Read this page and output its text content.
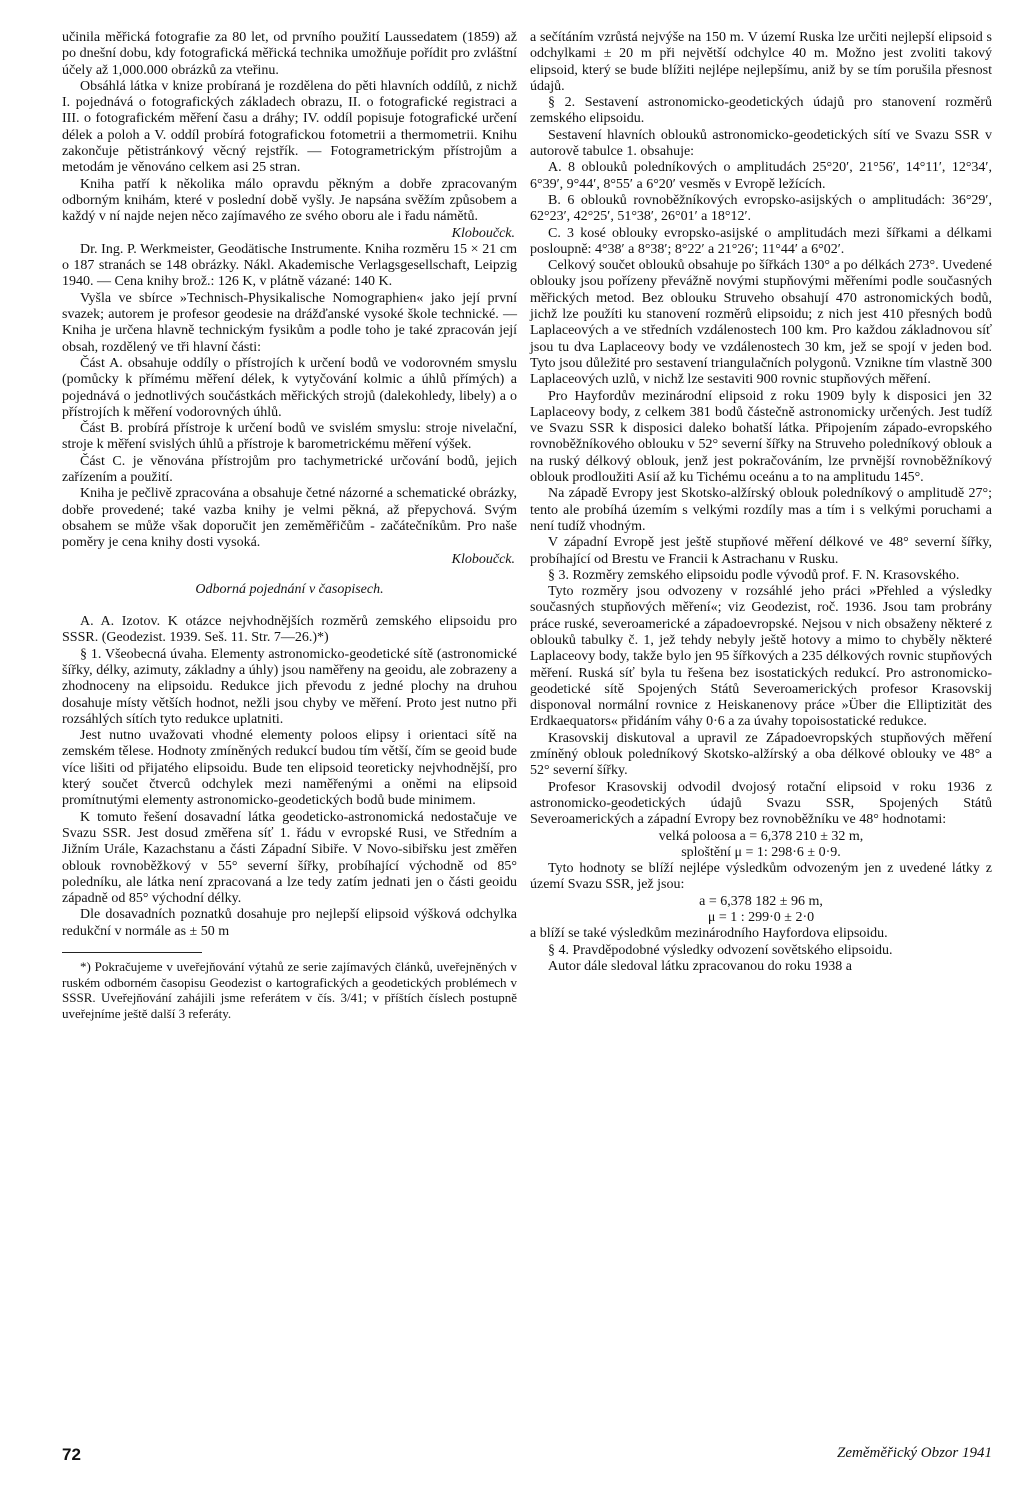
učinila měřická fotografie za 80 let, od prvního použití Laussedatem (1859) až po dnešní dobu, kdy fotografická měřická technika umožňuje pořídit pro zvláštní účely až 1,000.000 obrázků za vteřinu.

Obsáhlá látka v knize probíraná je rozdělena do pěti hlavních oddílů, z nichž I. pojednává o fotografických základech obrazu, II. o fotografické registraci a III. o fotografickém měření času a dráhy; IV. oddíl popisuje fotografické určení délek a poloh a V. oddíl probírá fotografickou fotometrii a thermometrii. Knihu zakončuje pětistránkový věcný rejstřík. — Fotogrametrickým přístrojům a metodám je věnováno celkem asi 25 stran.

Kniha patří k několika málo opravdu pěkným a dobře zpracovaným odborným knihám, které v poslední době vyšly. Je napsána svěžím způsobem a každý v ní najde nejen něco zajímavého ze svého oboru ale i řadu námětů.

Kloboučck.

Dr. Ing. P. Werkmeister, Geodätische Instrumente. Kniha rozměru 15 × 21 cm o 187 stranách se 148 obrázky. Nákl. Akademische Verlagsgesellschaft, Leipzig 1940. — Cena knihy brož.: 126 K, v plátně vázané: 140 K.

Vyšla ve sbírce »Technisch-Physikalische Nomographien« jako její první svazek; autorem je profesor geodesie na drážďanské vysoké škole technické. — Kniha je určena hlavně technickým fysikům a podle toho je také zpracován její obsah, rozdělený ve tři hlavní části:

Část A. obsahuje oddíly o přístrojích k určení bodů ve vodorovném smyslu (pomůcky k přímému měření délek, k vytyčování kolmic a úhlů přímých) a pojednává o jednotlivých součástkách měřických strojů (dalekohledy, libely) a o přístrojích k měření vodorovných úhlů.

Část B. probírá přístroje k určení bodů ve svislém smyslu: stroje nivelační, stroje k měření svislých úhlů a přístroje k barometrickému měření výšek.

Část C. je věnována přístrojům pro tachymetrické určování bodů, jejich zařízením a použití.

Kniha je pečlivě zpracována a obsahuje četné názorné a schematické obrázky, dobře provedené; také vazba knihy je velmi pěkná, až přepychová. Svým obsahem se může však doporučit jen zeměměřičům - začátečníkům. Pro naše poměry je cena knihy dosti vysoká.

Kloboučck.

Odborná pojednání v časopisech.

A. A. Izotov. K otázce nejvhodnějších rozměrů zemského elipsoidu pro SSSR. (Geodezist. 1939. Seš. 11. Str. 7—26.)*)

§ 1. Všeobecná úvaha. Elementy astronomicko-geodetické sítě (astronomické šířky, délky, azimuty, základny a úhly) jsou naměřeny na geoidu, ale zobrazeny a zhodnoceny na elipsoidu. Redukce jich převodu z jedné plochy na druhou dosahuje místy větších hodnot, nežli jsou chyby ve měření. Proto jest nutno při rozsáhlých sítích tyto redukce uplatniti.

Jest nutno uvažovati vhodné elementy poloos elipsy i orientaci sítě na zemském tělese. Hodnoty zmíněných redukcí budou tím větší, čím se geoid bude více lišiti od přijatého elipsoidu. Bude ten elipsoid teoreticky nejvhodnější, pro který součet čtverců odchylek mezi naměřenými a oněmi na elipsoid promítnutými elementy astronomicko-geodetických bodů bude minimem.

K tomuto řešení dosavadní látka geodeticko-astronomická nedostačuje ve Svazu SSR. Jest dosud změřena síť 1. řádu v evropské Rusi, ve Středním a Jižním Urále, Kazachstanu a části Západní Sibiře. V Novo-sibiřsku jest změřen oblouk rovnoběžkový v 55° severní šířky, probíhající východně od 85° poledníku, ale látka není zpracovaná a lze tedy zatím jednati jen o části geoidu západně od 85° východní délky.

Dle dosavadních poznatků dosahuje pro nejlepší elipsoid výšková odchylka redukční v normále as ± 50 m

*) Pokračujeme v uveřejňování výtahů ze serie zajímavých článků, uveřejněných v ruském odborném časopisu Geodezist o kartografických a geodetických problémech v SSSR. Uveřejňování zahájili jsme referátem v čís. 3/41; v příštích číslech postupně uveřejníme ještě další 3 referáty.

a sečítáním vzrůstá nejvýše na 150 m. V území Ruska lze určiti nejlepší elipsoid s odchylkami ± 20 m při největší odchylce 40 m. Možno jest zvoliti takový elipsoid, který se bude blížiti nejlépe nejlepšímu, aniž by se tím porušila přesnost údajů.

§ 2. Sestavení astronomicko-geodetických údajů pro stanovení rozměrů zemského elipsoidu.

Sestavení hlavních oblouků astronomicko-geodetických sítí ve Svazu SSR v autorově tabulce 1. obsahuje:

A. 8 oblouků poledníkových o amplitudách 25°20′, 21°56′, 14°11′, 12°34′, 6°39′, 9°44′, 8°55′ a 6°20′ vesměs v Evropě ležících.

B. 6 oblouků rovnoběžníkových evropsko-asijských o amplitudách: 36°29′, 62°23′, 42°25′, 51°38′, 26°01′ a 18°12′.

C. 3 kosé oblouky evropsko-asijské o amplitudách mezi šířkami a délkami posloupně: 4°38′ a 8°38′; 8°22′ a 21°26′; 11°44′ a 6°02′.

Celkový součet oblouků obsahuje po šířkách 130° a po délkách 273°. Uvedené oblouky jsou pořízeny převážně novými stupňovými měřeními podle současných měřických metod. Bez oblouku Struveho obsahují 470 astronomických bodů, jichž lze použíti ku stanovení rozměrů elipsoidu; z nich jest 410 přesných bodů Laplaceových a ve středních vzdálenostech 100 km. Pro každou základnovou síť jsou tu dva Laplaceovy body ve vzdálenostech 30 km, jež se spojí v jeden bod. Tyto jsou důležité pro sestavení triangulačních polygonů. Vznikne tím vlastně 300 Laplaceových uzlů, v nichž lze sestaviti 900 rovnic stupňových měření.

Pro Hayfordův mezinárodní elipsoid z roku 1909 byly k disposici jen 32 Laplaceovy body, z celkem 381 bodů částečně astronomicky určených. Jest tudíž ve Svazu SSR k disposici daleko bohatší látka. Připojením západo-evropského rovnoběžníkového oblouku v 52° severní šířky na Struveho poledníkový oblouk a na ruský délkový oblouk, jenž jest pokračováním, lze prvnější rovnoběžníkový oblouk prodloužiti Asií až ku Tichému oceánu a to na amplitudu 145°.

Na západě Evropy jest Skotsko-alžírský oblouk poledníkový o amplitudě 27°; tento ale probíhá územím s velkými rozdíly mas a tím i s velkými poruchami a není tudíž vhodným.

V západní Evropě jest ještě stupňové měření délkové ve 48° severní šířky, probíhající od Brestu ve Francii k Astrachanu v Rusku.

§ 3. Rozměry zemského elipsoidu podle vývodů prof. F. N. Krasovského.

Tyto rozměry jsou odvozeny v rozsáhlé jeho práci »Přehled a výsledky současných stupňových měření«; viz Geodezist, roč. 1936. Jsou tam probrány práce ruské, severoamerické a západoevropské. Nejsou v nich obsaženy některé z oblouků tabulky č. 1, jež tehdy nebyly ještě hotovy a mimo to chyběly některé Laplaceovy body, takže bylo jen 95 šířkových a 235 délkových rovnic stupňových měření. Ruská síť byla tu řešena bez isostatických redukcí. Pro astronomicko-geodetické sítě Spojených Států Severoamerických profesor Krasovskij disponoval normální rovnice z Heiskanenovy práce »Über die Elliptizität des Erdkaequators« přidáním váhy 0·6 a za úvahy topoisostatické redukce.

Krasovskij diskutoval a upravil ze Západoevropských stupňových měření zmíněný oblouk poledníkový Skotsko-alžírský a oba délkové oblouky ve 48° a 52° severní šířky.

Profesor Krasovskij odvodil dvojosý rotační elipsoid v roku 1936 z astronomicko-geodetických údajů Svazu SSR, Spojených Států Severoamerických a západní Evropy bez rovnoběžníku ve 48° hodnotami:

velká poloosa a = 6,378 210 ± 32 m,

sploštění μ = 1: 298·6 ± 0·9.

Tyto hodnoty se blíží nejlépe výsledkům odvozeným jen z uvedené látky z území Svazu SSR, jež jsou:

a = 6,378 182 ± 96 m,

μ = 1 : 299·0 ± 2·0

a blíží se také výsledkům mezinárodního Hayfordova elipsoidu.

§ 4. Pravděpodobné výsledky odvození sovětského elipsoidu.

Autor dále sledoval látku zpracovanou do roku 1938 a

72	Zeměměřický Obzor 1941
